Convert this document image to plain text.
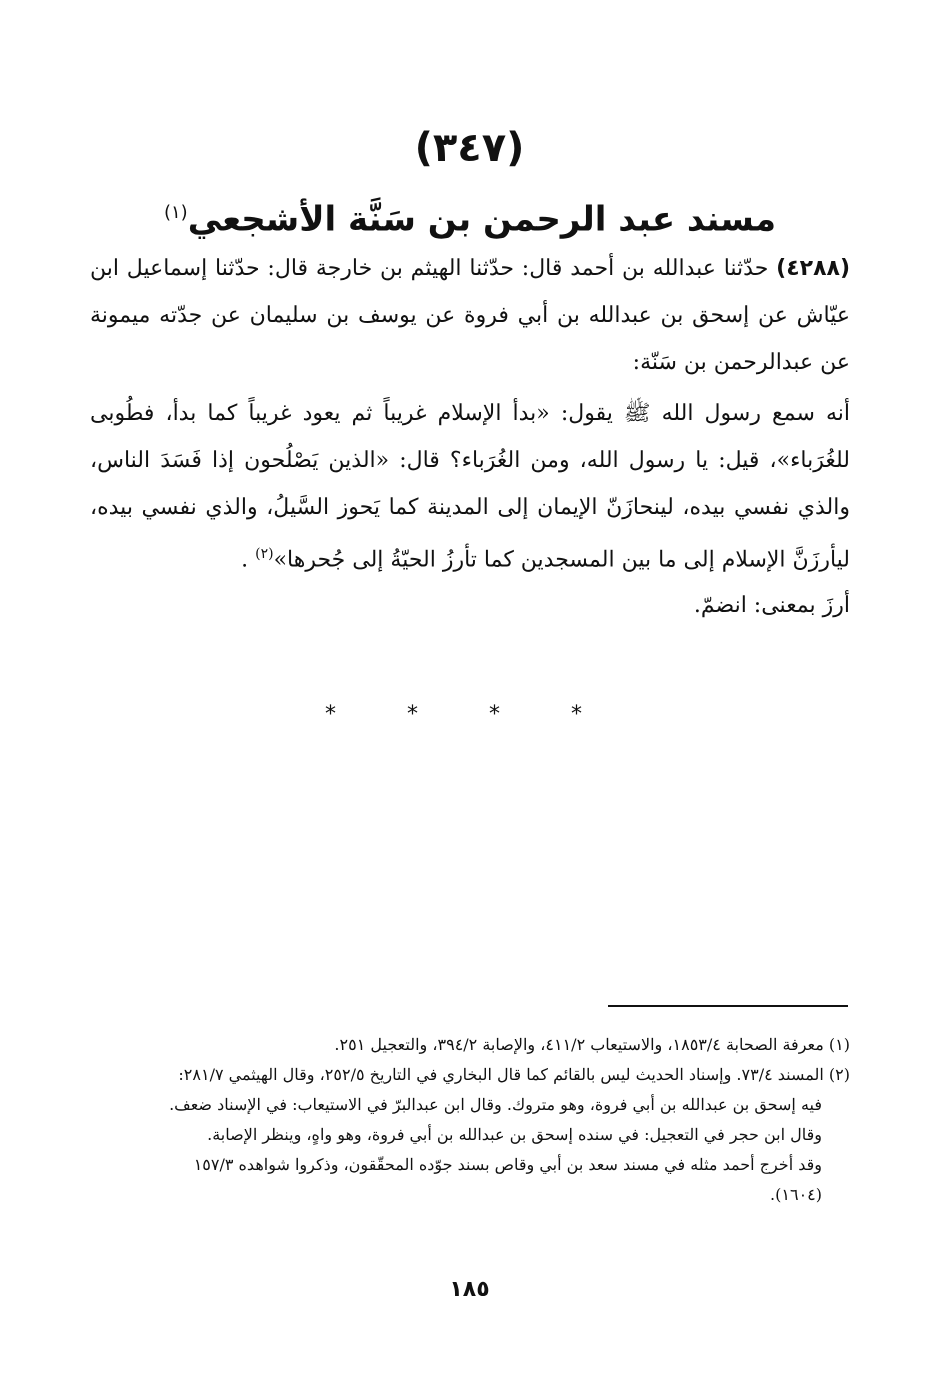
(٣٤٧)
مسند عبد الرحمن بن سَنَّة الأشجعي$^{(١)}$
(٤٢٨٨) حدّثنا عبدالله بن أحمد قال: حدّثنا الهيثم بن خارجة قال: حدّثنا إسماعيل ابن عيّاش عن إسحق بن عبدالله بن أبي فروة عن يوسف بن سليمان عن جدّته ميمونة عن عبدالرحمن بن سَنّة:
أنه سمع رسول الله ﷺ يقول: «بدأ الإسلام غريباً ثم يعود غريباً كما بدأ، فطُوبى للغُرَباء»، قيل: يا رسول الله، ومن الغُرَباء؟ قال: «الذين يَصْلُحون إذا فَسَدَ الناس، والذي نفسي بيده، لينحازَنّ الإيمان إلى المدينة كما يَحوز السَّيلُ، والذي نفسي بيده، ليأرزَنَّ الإسلام إلى ما بين المسجدين كما تأرزُ الحيّةُ إلى جُحرها»$^{(٢)}$ .
أرزَ بمعنى: انضمّ.
* * * *
(١) معرفة الصحابة ١٨٥٣/٤، والاستيعاب ٤١١/٢، والإصابة ٣٩٤/٢، والتعجيل ٢٥١.
(٢) المسند ٧٣/٤. وإسناد الحديث ليس بالقائم كما قال البخاري في التاريخ ٢٥٢/٥، وقال الهيثمي ٢٨١/٧:
فيه إسحق بن عبدالله بن أبي فروة، وهو متروك. وقال ابن عبدالبرّ في الاستيعاب: في الإسناد ضعف.
وقال ابن حجر في التعجيل: في سنده إسحق بن عبدالله بن أبي فروة، وهو واهٍ، وينظر الإصابة.
وقد أخرج أحمد مثله في مسند سعد بن أبي وقاص بسند جوّده المحقّقون، وذكروا شواهده ١٥٧/٣
(١٦٠٤).
١٨٥
